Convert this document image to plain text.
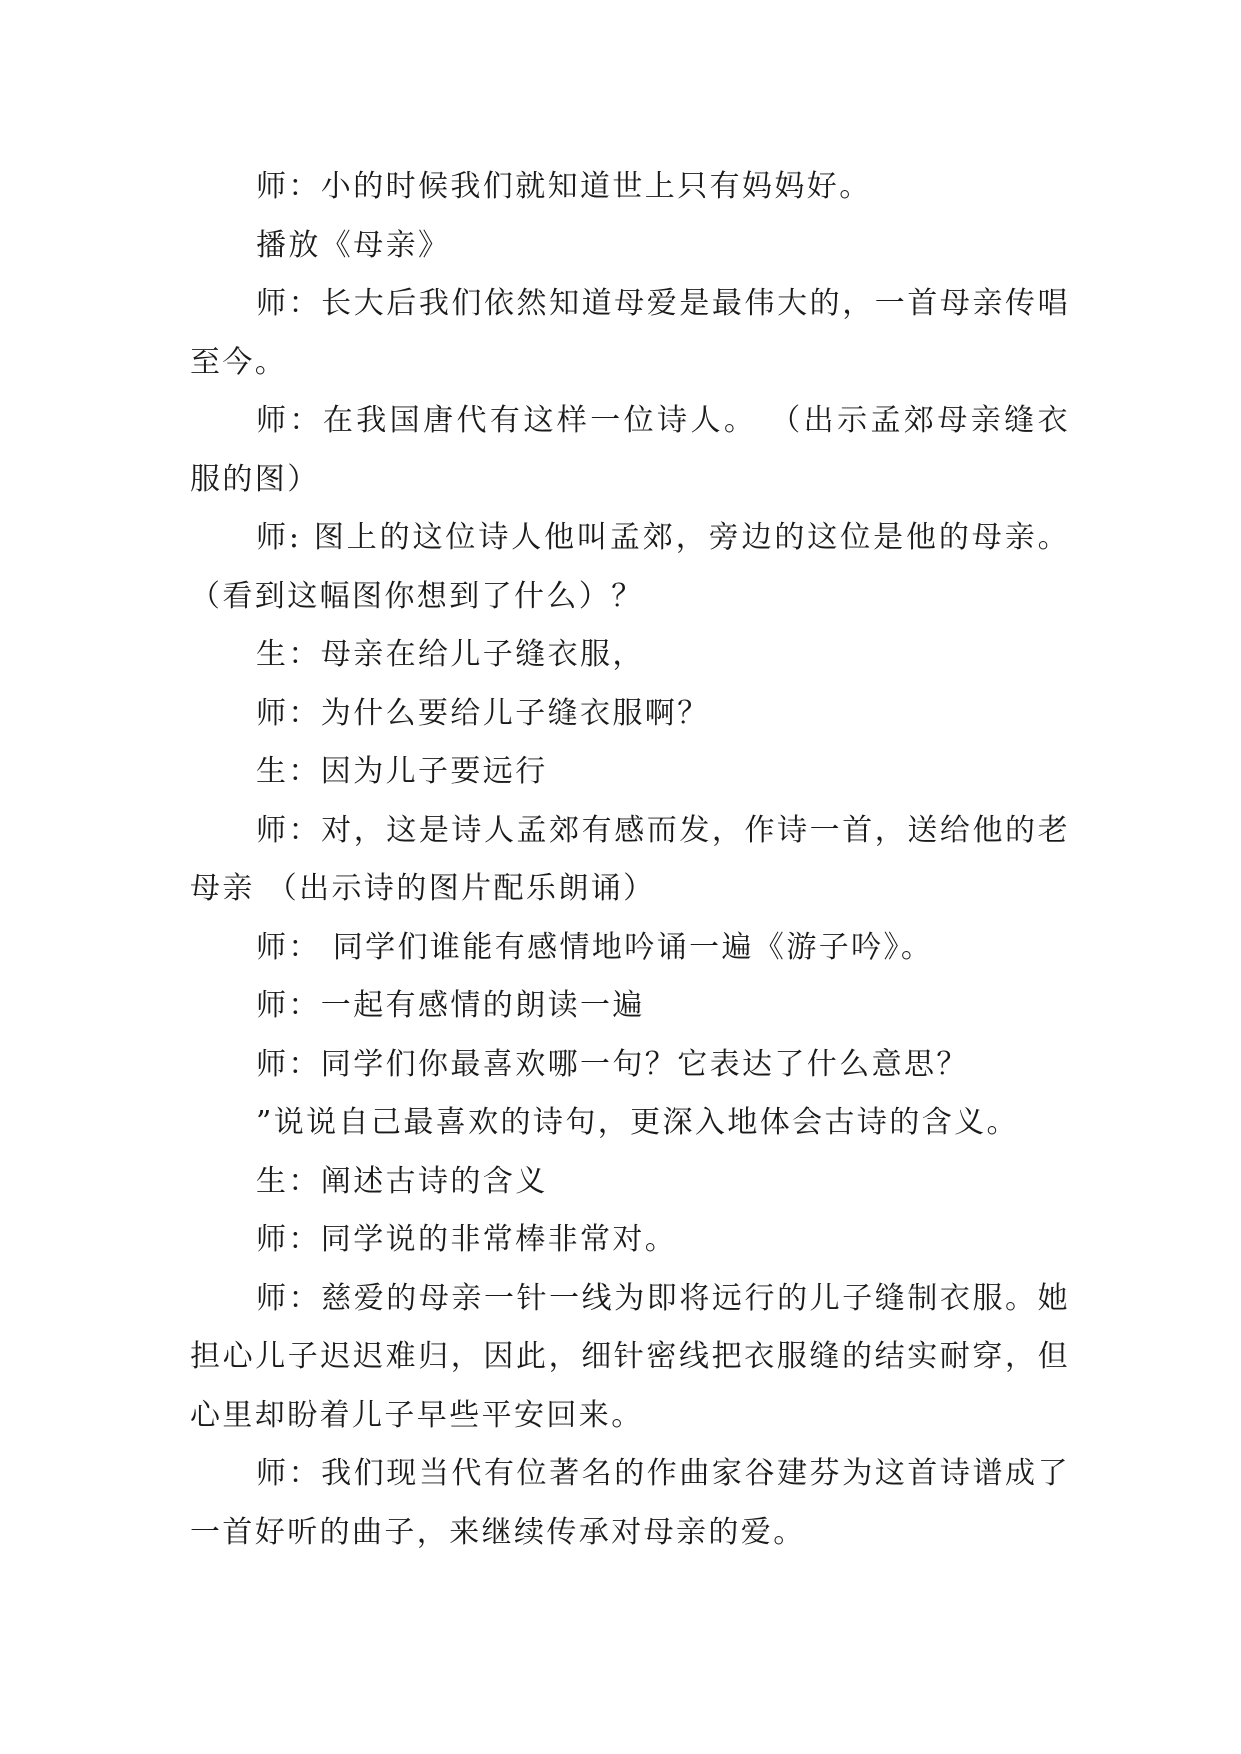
师：小的时候我们就知道世上只有妈妈好。

播放《母亲》

师：长大后我们依然知道母爱是最伟大的，一首母亲传唱至今。

师：在我国唐代有这样一位诗人。 （出示孟郊母亲缝衣服的图）

师: 图上的这位诗人他叫孟郊，旁边的这位是他的母亲。（看到这幅图你想到了什么）？

生：母亲在给儿子缝衣服，

师：为什么要给儿子缝衣服啊？

生：因为儿子要远行

师：对，这是诗人孟郊有感而发，作诗一首，送给他的老母亲 （出示诗的图片配乐朗诵）

师： 同学们谁能有感情地吟诵一遍《游子吟》。

师：一起有感情的朗读一遍

师：同学们你最喜欢哪一句？它表达了什么意思？

”说说自己最喜欢的诗句，更深入地体会古诗的含义。

生：阐述古诗的含义

师：同学说的非常棒非常对。

师：慈爱的母亲一针一线为即将远行的儿子缝制衣服。她担心儿子迟迟难归，因此，细针密线把衣服缝的结实耐穿，但心里却盼着儿子早些平安回来。

师：我们现当代有位著名的作曲家谷建芬为这首诗谱成了一首好听的曲子，来继续传承对母亲的爱。
